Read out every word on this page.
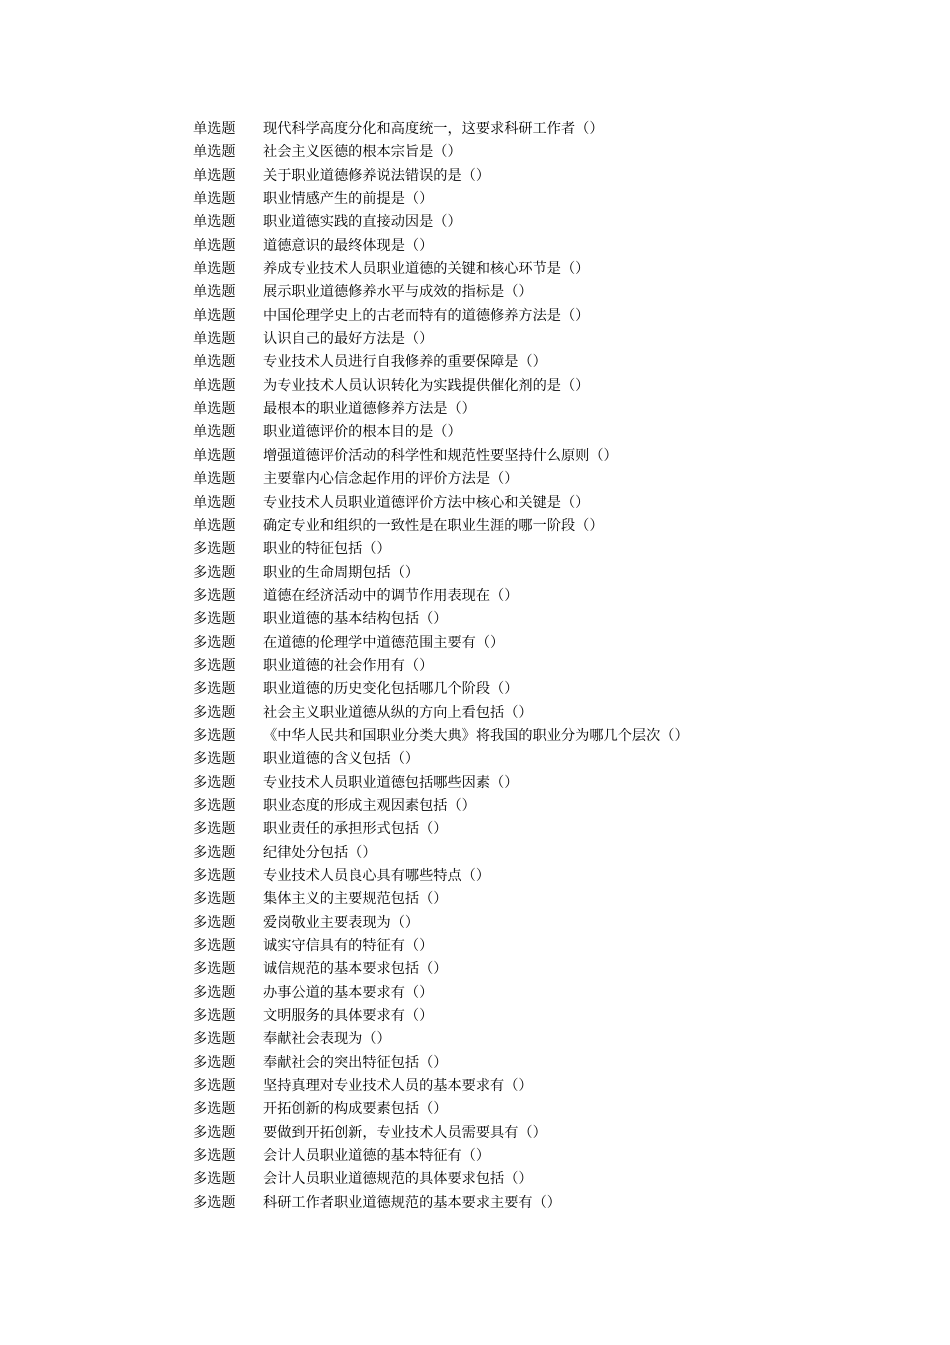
单选题	现代科学高度分化和高度统一，这要求科研工作者（）
单选题	社会主义医德的根本宗旨是（）
单选题	关于职业道德修养说法错误的是（）
单选题	职业情感产生的前提是（）
单选题	职业道德实践的直接动因是（）
单选题	道德意识的最终体现是（）
单选题	养成专业技术人员职业道德的关键和核心环节是（）
单选题	展示职业道德修养水平与成效的指标是（）
单选题	中国伦理学史上的古老而特有的道德修养方法是（）
单选题	认识自己的最好方法是（）
单选题	专业技术人员进行自我修养的重要保障是（）
单选题	为专业技术人员认识转化为实践提供催化剂的是（）
单选题	最根本的职业道德修养方法是（）
单选题	职业道德评价的根本目的是（）
单选题	增强道德评价活动的科学性和规范性要坚持什么原则（）
单选题	主要靠内心信念起作用的评价方法是（）
单选题	专业技术人员职业道德评价方法中核心和关键是（）
单选题	确定专业和组织的一致性是在职业生涯的哪一阶段（）
多选题	职业的特征包括（）
多选题	职业的生命周期包括（）
多选题	道德在经济活动中的调节作用表现在（）
多选题	职业道德的基本结构包括（）
多选题	在道德的伦理学中道德范围主要有（）
多选题	职业道德的社会作用有（）
多选题	职业道德的历史变化包括哪几个阶段（）
多选题	社会主义职业道德从纵的方向上看包括（）
多选题	《中华人民共和国职业分类大典》将我国的职业分为哪几个层次（）
多选题	职业道德的含义包括（）
多选题	专业技术人员职业道德包括哪些因素（）
多选题	职业态度的形成主观因素包括（）
多选题	职业责任的承担形式包括（）
多选题	纪律处分包括（）
多选题	专业技术人员良心具有哪些特点（）
多选题	集体主义的主要规范包括（）
多选题	爱岗敬业主要表现为（）
多选题	诚实守信具有的特征有（）
多选题	诚信规范的基本要求包括（）
多选题	办事公道的基本要求有（）
多选题	文明服务的具体要求有（）
多选题	奉献社会表现为（）
多选题	奉献社会的突出特征包括（）
多选题	坚持真理对专业技术人员的基本要求有（）
多选题	开拓创新的构成要素包括（）
多选题	要做到开拓创新，专业技术人员需要具有（）
多选题	会计人员职业道德的基本特征有（）
多选题	会计人员职业道德规范的具体要求包括（）
多选题	科研工作者职业道德规范的基本要求主要有（）
